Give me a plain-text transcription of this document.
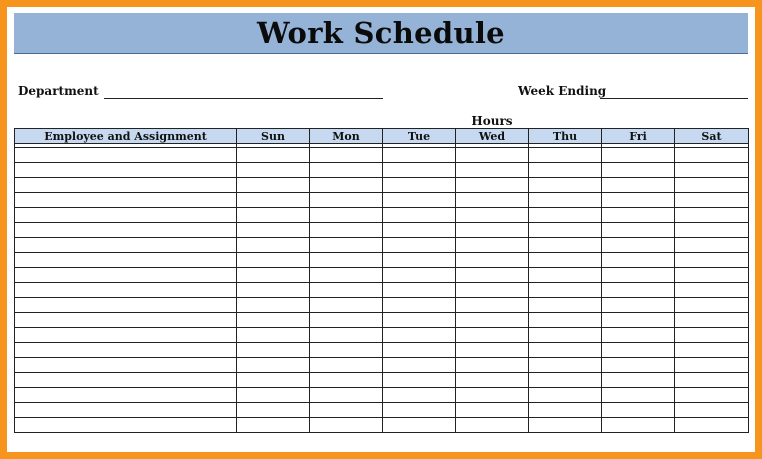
Work Schedule
Department	Week Ending
Hours
Employee and Assignment	Sun	Mon	Tue	Wed	Thu	Fri	Sat
